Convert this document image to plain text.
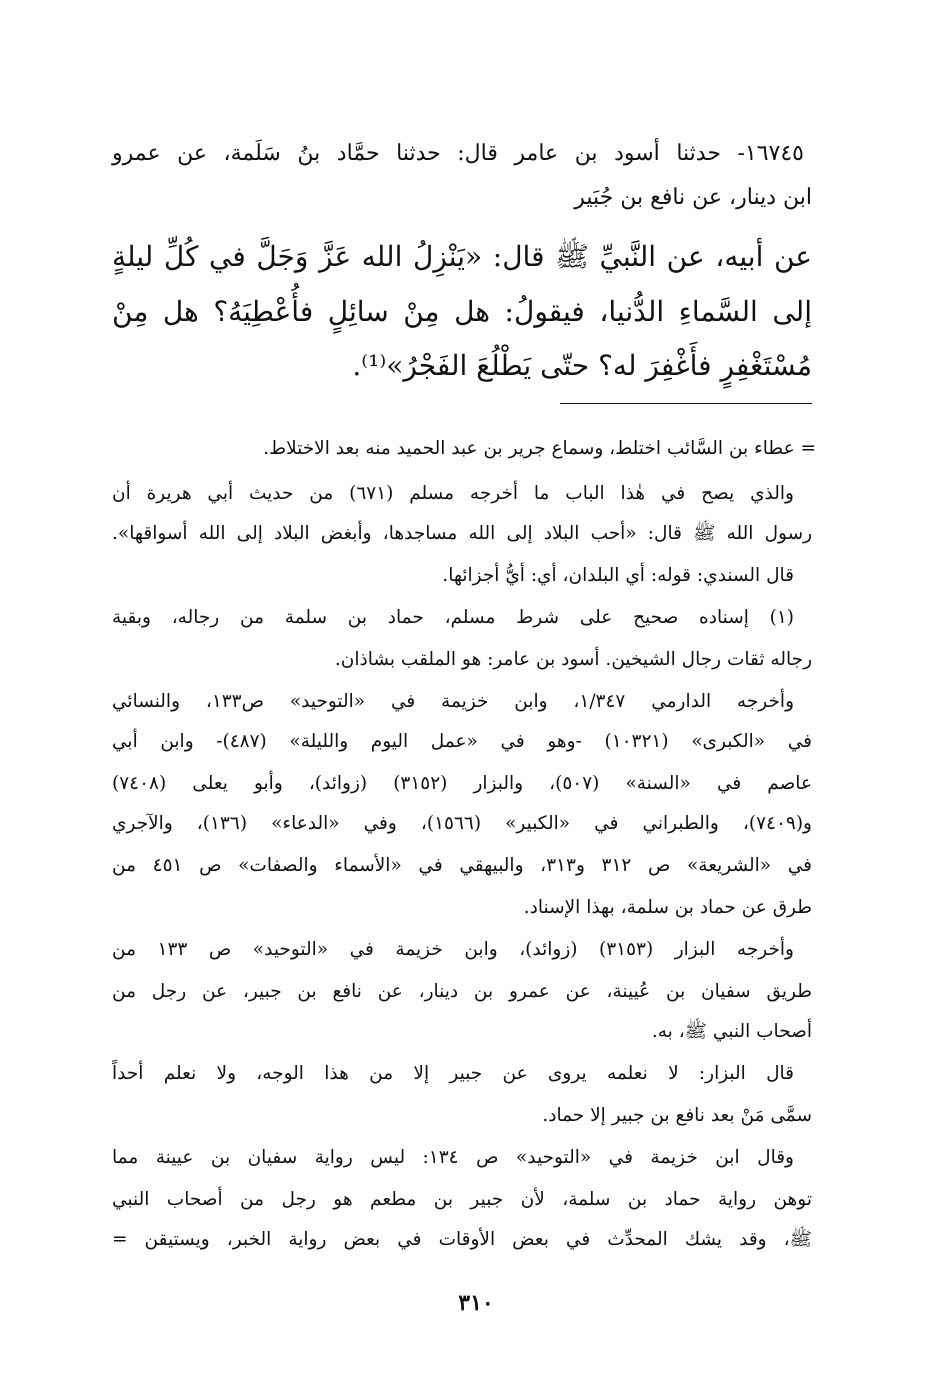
١٦٧٤٥- حدثنا أسود بن عامر قال: حدثنا حمَّاد بنُ سَلَمة، عن عمرو
ابن دينار، عن نافع بن جُبَير
عن أبيه، عن النَّبيِّ ﷺ قال: «يَنْزِلُ الله عَزَّ وَجَلَّ في كُلِّ ليلةٍ
إلى السَّماءِ الدُّنيا، فيقولُ: هل مِنْ سائِلٍ فأُعْطِيَهُ؟ هل مِنْ
مُسْتَغْفِرٍ فأَغْفِرَ له؟ حتّى يَطْلُعَ الفَجْرُ»⁽¹⁾.
= عطاء بن السَّائب اختلط، وسماع جرير بن عبد الحميد منه بعد الاختلاط.
والذي يصح في هٰذا الباب ما أخرجه مسلم (٦٧١) من حديث أبي هريرة أن
رسول الله ﷺ قال: «أحب البلاد إلى الله مساجدها، وأبغض البلاد إلى الله أسواقها».
قال السندي: قوله: أي البلدان، أي: أيُّ أجزائها.
(١) إسناده صحيح على شرط مسلم، حماد بن سلمة من رجاله، وبقية
رجاله ثقات رجال الشيخين. أسود بن عامر: هو الملقب بشاذان.
وأخرجه الدارمي ١/٣٤٧، وابن خزيمة في «التوحيد» ص١٣٣، والنسائي
في «الكبرى» (١٠٣٢١) -وهو في «عمل اليوم والليلة» (٤٨٧)- وابن أبي
عاصم في «السنة» (٥٠٧)، والبزار (٣١٥٢) (زوائد)، وأبو يعلى (٧٤٠٨)
و(٧٤٠٩)، والطبراني في «الكبير» (١٥٦٦)، وفي «الدعاء» (١٣٦)، والآجري
في «الشريعة» ص ٣١٢ و٣١٣، والبيهقي في «الأسماء والصفات» ص ٤٥١ من
طرق عن حماد بن سلمة، بهذا الإسناد.
وأخرجه البزار (٣١٥٣) (زوائد)، وابن خزيمة في «التوحيد» ص ١٣٣ من
طريق سفيان بن عُيينة، عن عمرو بن دينار، عن نافع بن جبير، عن رجل من
أصحاب النبي ﷺ، به.
قال البزار: لا نعلمه يروى عن جبير إلا من هذا الوجه، ولا نعلم أحداً
سمَّى مَنْ بعد نافع بن جبير إلا حماد.
وقال ابن خزيمة في «التوحيد» ص ١٣٤: ليس رواية سفيان بن عيينة مما
توهن رواية حماد بن سلمة، لأن جبير بن مطعم هو رجل من أصحاب النبي
ﷺ، وقد يشك المحدِّث في بعض الأوقات في بعض رواية الخبر، ويستيقن =
٣١٠
